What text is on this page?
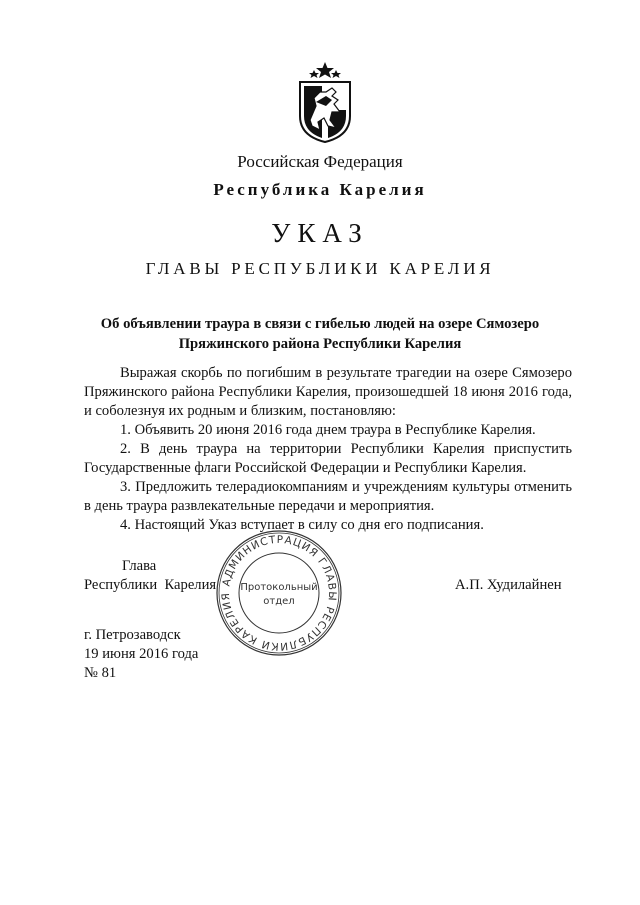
Российская Федерация
Республика Карелия
УКАЗ
ГЛАВЫ РЕСПУБЛИКИ КАРЕЛИЯ
Об объявлении траура в связи с гибелью людей на озере Сямозеро
Пряжинского района Республики Карелия

Выражая скорбь по погибшим в результате трагедии на озере Сямозеро Пряжинского района Республики Карелия, произошедшей 18 июня 2016 года, и соболезнуя их родным и близким, постановляю:

1. Объявить 20 июня 2016 года днем траура в Республике Карелия.

2. В день траура на территории Республики Карелия приспустить Государственные флаги Российской Федерации и Республики Карелия.

3. Предложить телерадиокомпаниям и учреждениям культуры отменить в день траура развлекательные передачи и мероприятия.

4. Настоящий Указ вступает в силу со дня его подписания.

Глава
Республики  Карелия	А.П. Худилайнен
АДМИНИСТРАЦИЯ ГЛАВЫ РЕСПУБЛИКИ КАРЕЛИЯ
Протокольный
отдел
г. Петрозаводск
19 июня 2016 года
№ 81
